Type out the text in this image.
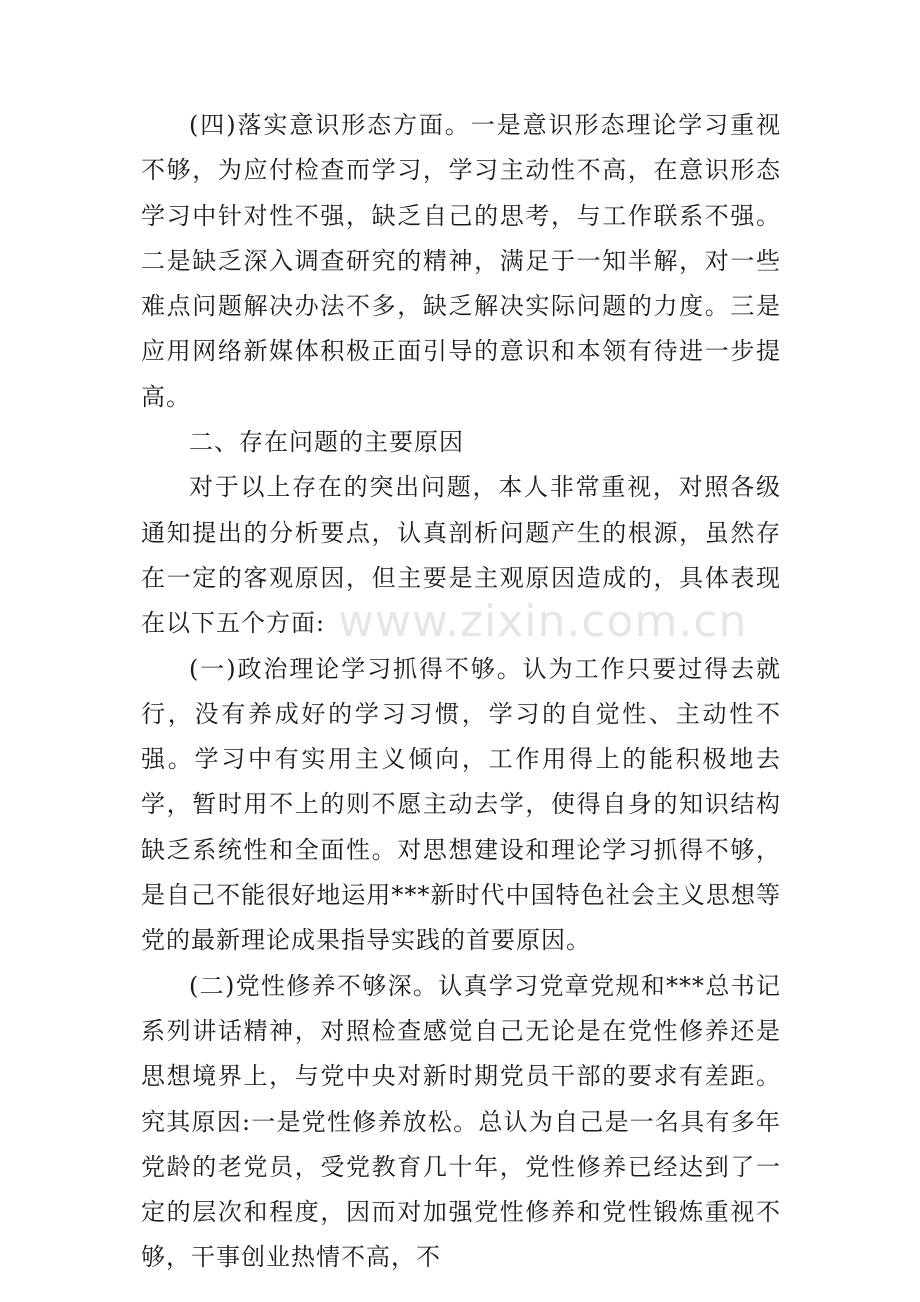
(四)落实意识形态方面。一是意识形态理论学习重视不够，为应付检查而学习，学习主动性不高，在意识形态学习中针对性不强，缺乏自己的思考，与工作联系不强。二是缺乏深入调查研究的精神，满足于一知半解，对一些难点问题解决办法不多，缺乏解决实际问题的力度。三是应用网络新媒体积极正面引导的意识和本领有待进一步提高。

二、存在问题的主要原因

对于以上存在的突出问题，本人非常重视，对照各级通知提出的分析要点，认真剖析问题产生的根源，虽然存在一定的客观原因，但主要是主观原因造成的，具体表现在以下五个方面:

(一)政治理论学习抓得不够。认为工作只要过得去就行，没有养成好的学习习惯，学习的自觉性、主动性不强。学习中有实用主义倾向，工作用得上的能积极地去学，暂时用不上的则不愿主动去学，使得自身的知识结构缺乏系统性和全面性。对思想建设和理论学习抓得不够，是自己不能很好地运用***新时代中国特色社会主义思想等党的最新理论成果指导实践的首要原因。

(二)党性修养不够深。认真学习党章党规和***总书记系列讲话精神，对照检查感觉自己无论是在党性修养还是思想境界上，与党中央对新时期党员干部的要求有差距。究其原因:一是党性修养放松。总认为自己是一名具有多年党龄的老党员，受党教育几十年，党性修养已经达到了一定的层次和程度，因而对加强党性修养和党性锻炼重视不够，干事创业热情不高，不

www.zixin.com.cn
